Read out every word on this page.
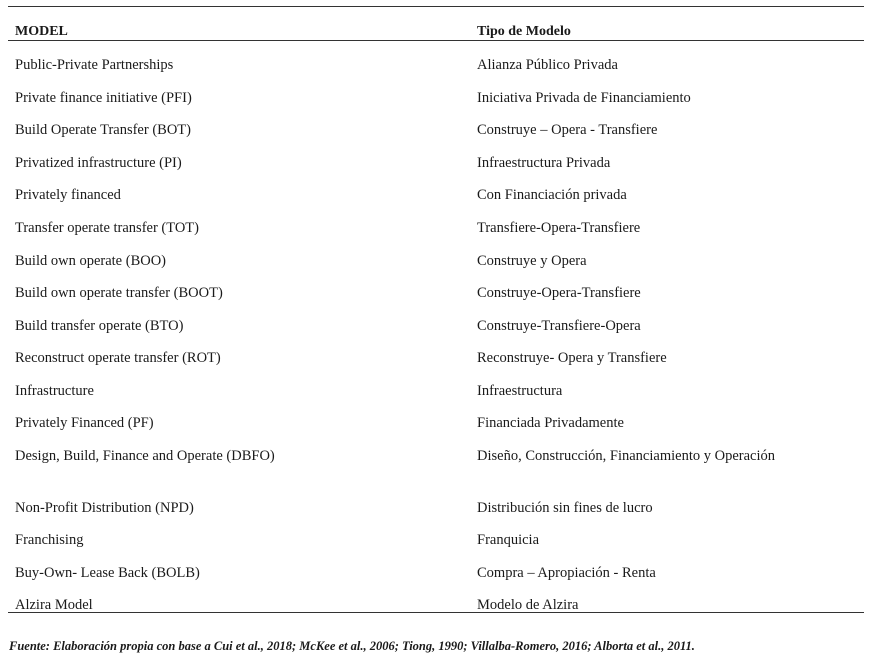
MODEL	Tipo de Modelo
Public-Private Partnerships	Alianza Público Privada
Private finance initiative (PFI)	Iniciativa Privada de Financiamiento
Build Operate Transfer (BOT)	Construye – Opera - Transfiere
Privatized infrastructure (PI)	Infraestructura Privada
Privately financed	Con Financiación privada
Transfer operate transfer (TOT)	Transfiere-Opera-Transfiere
Build own operate (BOO)	Construye y Opera
Build own operate transfer (BOOT)	Construye-Opera-Transfiere
Build transfer operate (BTO)	Construye-Transfiere-Opera
Reconstruct operate transfer (ROT)	Reconstruye- Opera y Transfiere
Infrastructure	Infraestructura
Privately Financed (PF)	Financiada Privadamente
Design, Build, Finance and Operate (DBFO)	Diseño, Construcción, Financiamiento y Operación
Non-Profit Distribution (NPD)	Distribución sin fines de lucro
Franchising	Franquicia
Buy-Own- Lease Back (BOLB)	Compra – Apropiación - Renta
Alzira Model	Modelo de Alzira
Fuente: Elaboración propia con base a Cui et al., 2018; McKee et al., 2006; Tiong, 1990; Villalba-Romero, 2016; Alborta et al., 2011.
